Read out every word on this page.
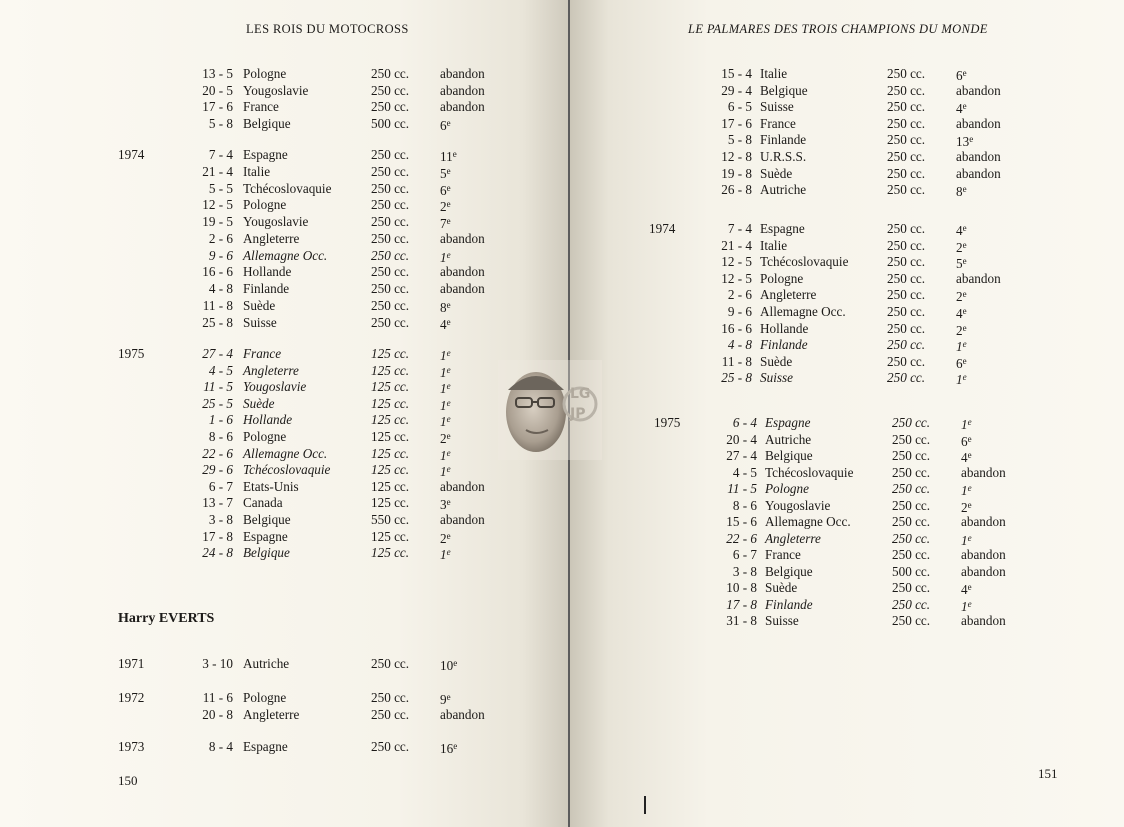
LES ROIS DU MOTOCROSS
13 - 5 Pologne	250 cc. abandon
20 - 5 Yougoslavie	250 cc. abandon
17 - 6 France	250 cc. abandon
5 - 8 Belgique	500 cc. 6e
1974	7 - 4 Espagne	250 cc. 11e
21 - 4 Italie	250 cc. 5e
5 - 5 Tchécoslovaquie	250 cc. 6e
12 - 5 Pologne	250 cc. 2e
19 - 5 Yougoslavie	250 cc. 7e
2 - 6 Angleterre	250 cc. abandon
9 - 6 Allemagne Occ.	250 cc. 1e
16 - 6 Hollande	250 cc. abandon
4 - 8 Finlande	250 cc. abandon
11 - 8 Suède	250 cc. 8e
25 - 8 Suisse	250 cc. 4e
1975	27 - 4 France	125 cc. 1e
4 - 5 Angleterre	125 cc. 1e
11 - 5 Yougoslavie	125 cc. 1e
25 - 5 Suède	125 cc. 1e
1 - 6 Hollande	125 cc. 1e
8 - 6 Pologne	125 cc. 2e
22 - 6 Allemagne Occ.	125 cc. 1e
29 - 6 Tchécoslovaquie	125 cc. 1e
6 - 7 Etats-Unis	125 cc. abandon
13 - 7 Canada	125 cc. 3e
3 - 8 Belgique	550 cc. abandon
17 - 8 Espagne	125 cc. 2e
24 - 8 Belgique	125 cc. 1e
1971	3 - 10 Autriche	250 cc. 10e
1972	11 - 6 Pologne	250 cc. 9e
20 - 8 Angleterre	250 cc. abandon
1973	8 - 4 Espagne	250 cc. 16e
Harry EVERTS
150
LE PALMARES DES TROIS CHAMPIONS DU MONDE
15 - 4 Italie	250 cc. 6e
29 - 4 Belgique	250 cc. abandon
6 - 5 Suisse	250 cc. 4e
17 - 6 France	250 cc. abandon
5 - 8 Finlande	250 cc. 13e
12 - 8 U.R.S.S.	250 cc. abandon
19 - 8 Suède	250 cc. abandon
26 - 8 Autriche	250 cc. 8e
1974	7 - 4 Espagne	250 cc. 4e
21 - 4 Italie	250 cc. 2e
12 - 5 Tchécoslovaquie	250 cc. 5e
12 - 5 Pologne	250 cc. abandon
2 - 6 Angleterre	250 cc. 2e
9 - 6 Allemagne Occ.	250 cc. 4e
16 - 6 Hollande	250 cc. 2e
4 - 8 Finlande	250 cc. 1e
11 - 8 Suède	250 cc. 6e
25 - 8 Suisse	250 cc. 1e
1975	6 - 4 Espagne	250 cc. 1e
20 - 4 Autriche	250 cc. 6e
27 - 4 Belgique	250 cc. 4e
4 - 5 Tchécoslovaquie	250 cc. abandon
11 - 5 Pologne	250 cc. 1e
8 - 6 Yougoslavie	250 cc. 2e
15 - 6 Allemagne Occ.	250 cc. abandon
22 - 6 Angleterre	250 cc. 1e
6 - 7 France	250 cc. abandon
3 - 8 Belgique	500 cc. abandon
10 - 8 Suède	250 cc. 4e
17 - 8 Finlande	250 cc. 1e
31 - 8 Suisse	250 cc. abandon
151
LG
JP
